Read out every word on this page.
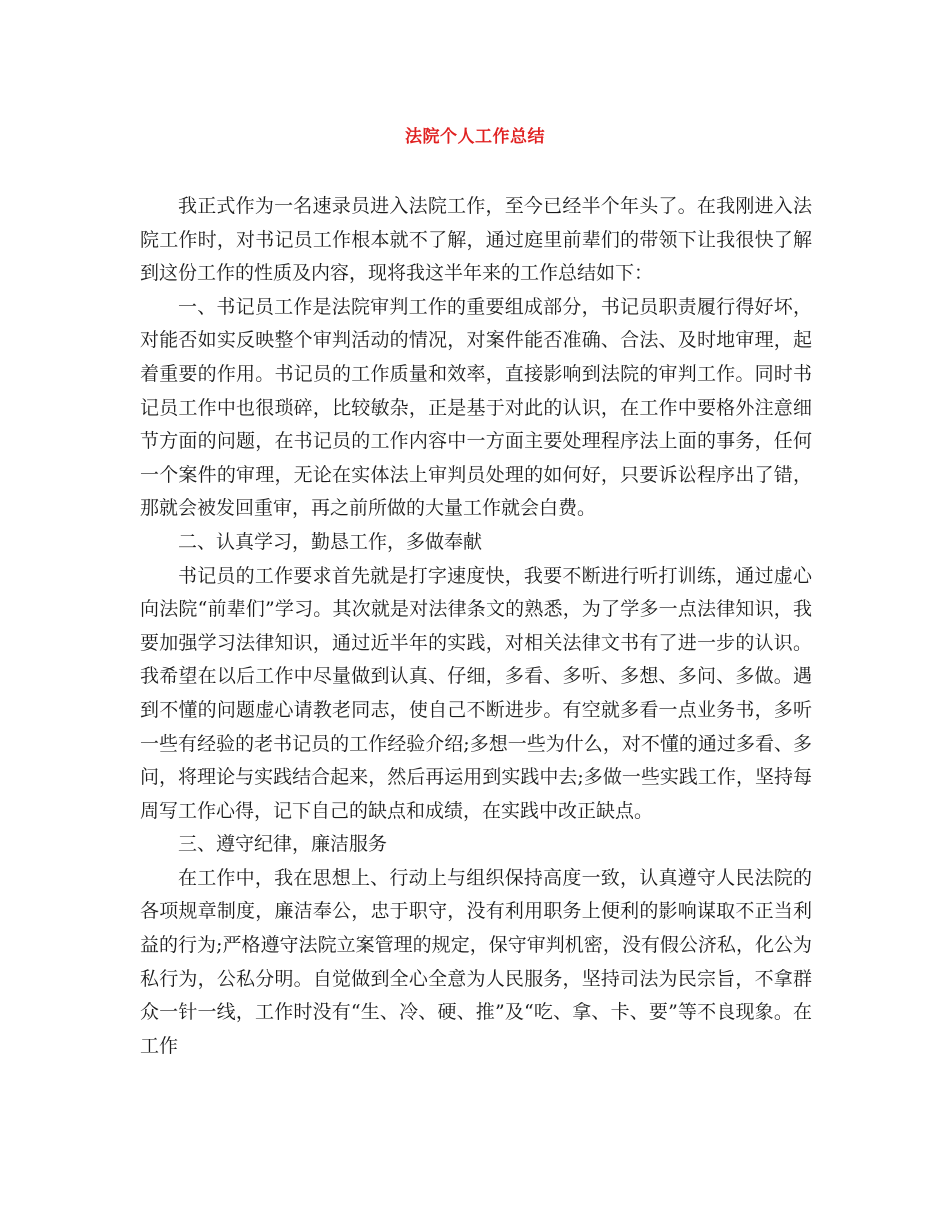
法院个人工作总结

我正式作为一名速录员进入法院工作，至今已经半个年头了。在我刚进入法院工作时，对书记员工作根本就不了解，通过庭里前辈们的带领下让我很快了解到这份工作的性质及内容，现将我这半年来的工作总结如下：

一、书记员工作是法院审判工作的重要组成部分，书记员职责履行得好坏，对能否如实反映整个审判活动的情况，对案件能否准确、合法、及时地审理，起着重要的作用。书记员的工作质量和效率，直接影响到法院的审判工作。同时书记员工作中也很琐碎，比较敏杂，正是基于对此的认识，在工作中要格外注意细节方面的问题，在书记员的工作内容中一方面主要处理程序法上面的事务，任何一个案件的审理，无论在实体法上审判员处理的如何好，只要诉讼程序出了错，那就会被发回重审，再之前所做的大量工作就会白费。

二、认真学习，勤恳工作，多做奉献

书记员的工作要求首先就是打字速度快，我要不断进行听打训练，通过虚心向法院“前辈们”学习。其次就是对法律条文的熟悉，为了学多一点法律知识，我要加强学习法律知识，通过近半年的实践，对相关法律文书有了进一步的认识。我希望在以后工作中尽量做到认真、仔细，多看、多听、多想、多问、多做。遇到不懂的问题虚心请教老同志，使自己不断进步。有空就多看一点业务书，多听一些有经验的老书记员的工作经验介绍;多想一些为什么，对不懂的通过多看、多问，将理论与实践结合起来，然后再运用到实践中去;多做一些实践工作，坚持每周写工作心得，记下自己的缺点和成绩，在实践中改正缺点。

三、遵守纪律，廉洁服务

在工作中，我在思想上、行动上与组织保持高度一致，认真遵守人民法院的各项规章制度，廉洁奉公，忠于职守，没有利用职务上便利的影响谋取不正当利益的行为;严格遵守法院立案管理的规定，保守审判机密，没有假公济私，化公为私行为，公私分明。自觉做到全心全意为人民服务，坚持司法为民宗旨，不拿群众一针一线，工作时没有“生、冷、硬、推”及“吃、拿、卡、要”等不良现象。在工作
